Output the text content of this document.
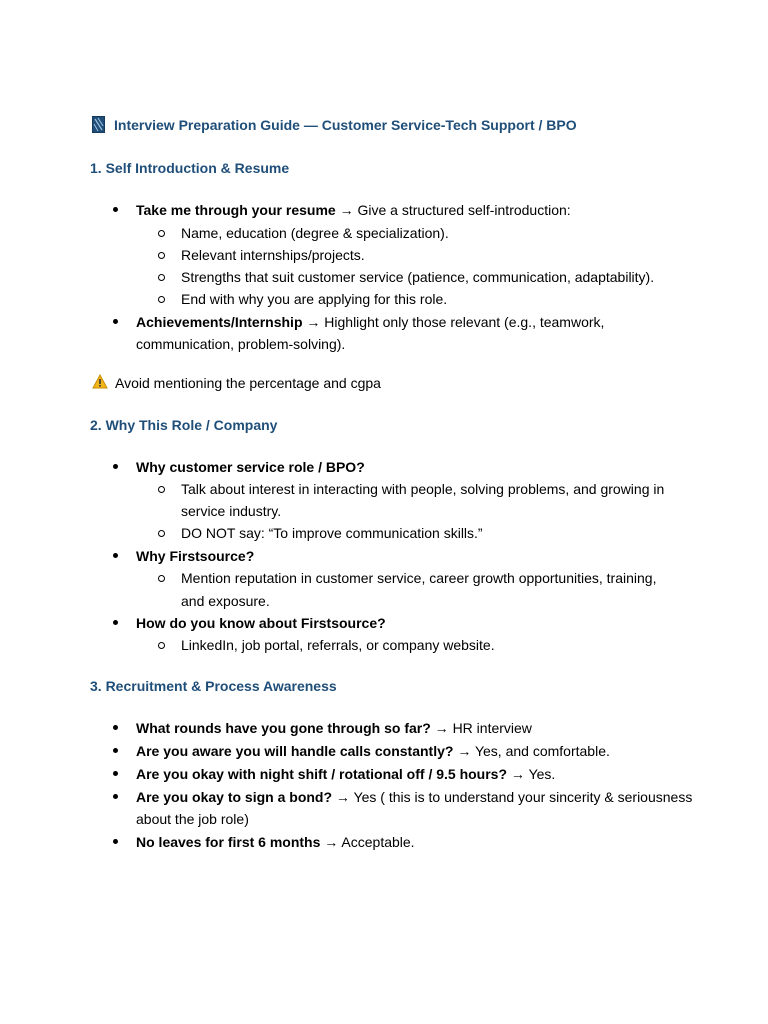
Interview Preparation Guide — Customer Service-Tech Support / BPO
1. Self Introduction & Resume
Take me through your resume → Give a structured self-introduction:
Name, education (degree & specialization).
Relevant internships/projects.
Strengths that suit customer service (patience, communication, adaptability).
End with why you are applying for this role.
Achievements/Internship → Highlight only those relevant (e.g., teamwork,
communication, problem-solving).
Avoid mentioning the percentage and cgpa
2. Why This Role / Company
Why customer service role / BPO?
Talk about interest in interacting with people, solving problems, and growing in
service industry.
DO NOT say: “To improve communication skills.”
Why Firstsource?
Mention reputation in customer service, career growth opportunities, training,
and exposure.
How do you know about Firstsource?
LinkedIn, job portal, referrals, or company website.
3. Recruitment & Process Awareness
What rounds have you gone through so far? → HR interview
Are you aware you will handle calls constantly? → Yes, and comfortable.
Are you okay with night shift / rotational off / 9.5 hours? → Yes.
Are you okay to sign a bond? → Yes ( this is to understand your sincerity & seriousness
about the job role)
No leaves for first 6 months → Acceptable.
